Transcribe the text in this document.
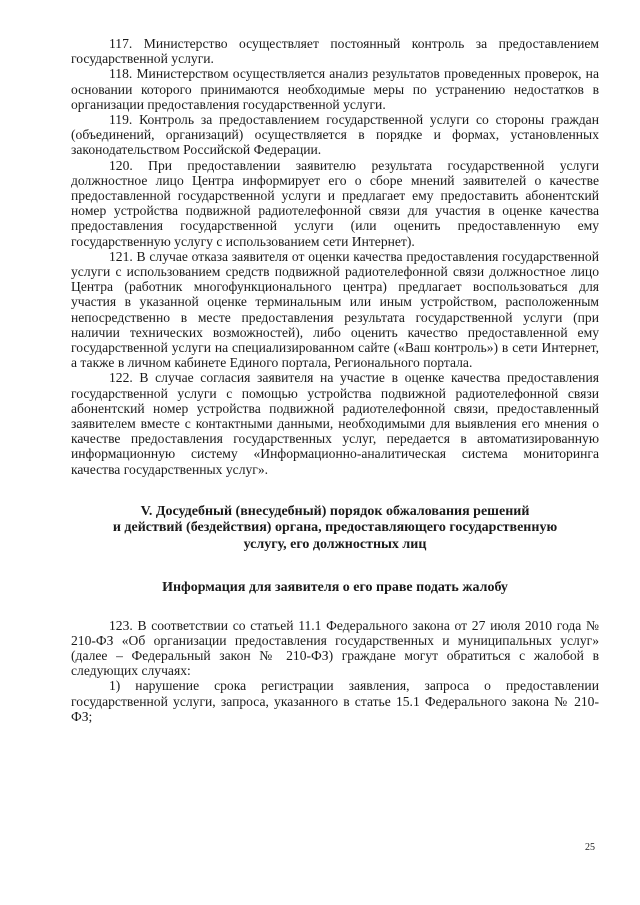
117. Министерство осуществляет постоянный контроль за предоставлением государственной услуги.

118. Министерством осуществляется анализ результатов проведенных проверок, на основании которого принимаются необходимые меры по устранению недостатков в организации предоставления государственной услуги.

119. Контроль за предоставлением государственной услуги со стороны граждан (объединений, организаций) осуществляется в порядке и формах, установленных законодательством Российской Федерации.

120. При предоставлении заявителю результата государственной услуги должностное лицо Центра информирует его о сборе мнений заявителей о качестве предоставленной государственной услуги и предлагает ему предоставить абонентский номер устройства подвижной радиотелефонной связи для участия в оценке качества предоставления государственной услуги (или оценить предоставленную ему государственную услугу с использованием сети Интернет).

121. В случае отказа заявителя от оценки качества предоставления государственной услуги с использованием средств подвижной радиотелефонной связи должностное лицо Центра (работник многофункционального центра) предлагает воспользоваться для участия в указанной оценке терминальным или иным устройством, расположенным непосредственно в месте предоставления результата государственной услуги (при наличии технических возможностей), либо оценить качество предоставленной ему государственной услуги на специализированном сайте («Ваш контроль») в сети Интернет, а также в личном кабинете Единого портала, Регионального портала.

122. В случае согласия заявителя на участие в оценке качества предоставления государственной услуги с помощью устройства подвижной радиотелефонной связи абонентский номер устройства подвижной радиотелефонной связи, предоставленный заявителем вместе с контактными данными, необходимыми для выявления его мнения о качестве предоставления государственных услуг, передается в автоматизированную информационную систему «Информационно-аналитическая система мониторинга качества государственных услуг».

V. Досудебный (внесудебный) порядок обжалования решений
и действий (бездействия) органа, предоставляющего государственную
услугу, его должностных лиц
Информация для заявителя о его праве подать жалобу

123. В соответствии со статьей 11.1 Федерального закона от 27 июля 2010 года № 210-ФЗ «Об организации предоставления государственных и муниципальных услуг» (далее – Федеральный закон № 210-ФЗ) граждане могут обратиться с жалобой в следующих случаях:

1) нарушение срока регистрации заявления, запроса о предоставлении государственной услуги, запроса, указанного в статье 15.1 Федерального закона № 210-ФЗ;

25
